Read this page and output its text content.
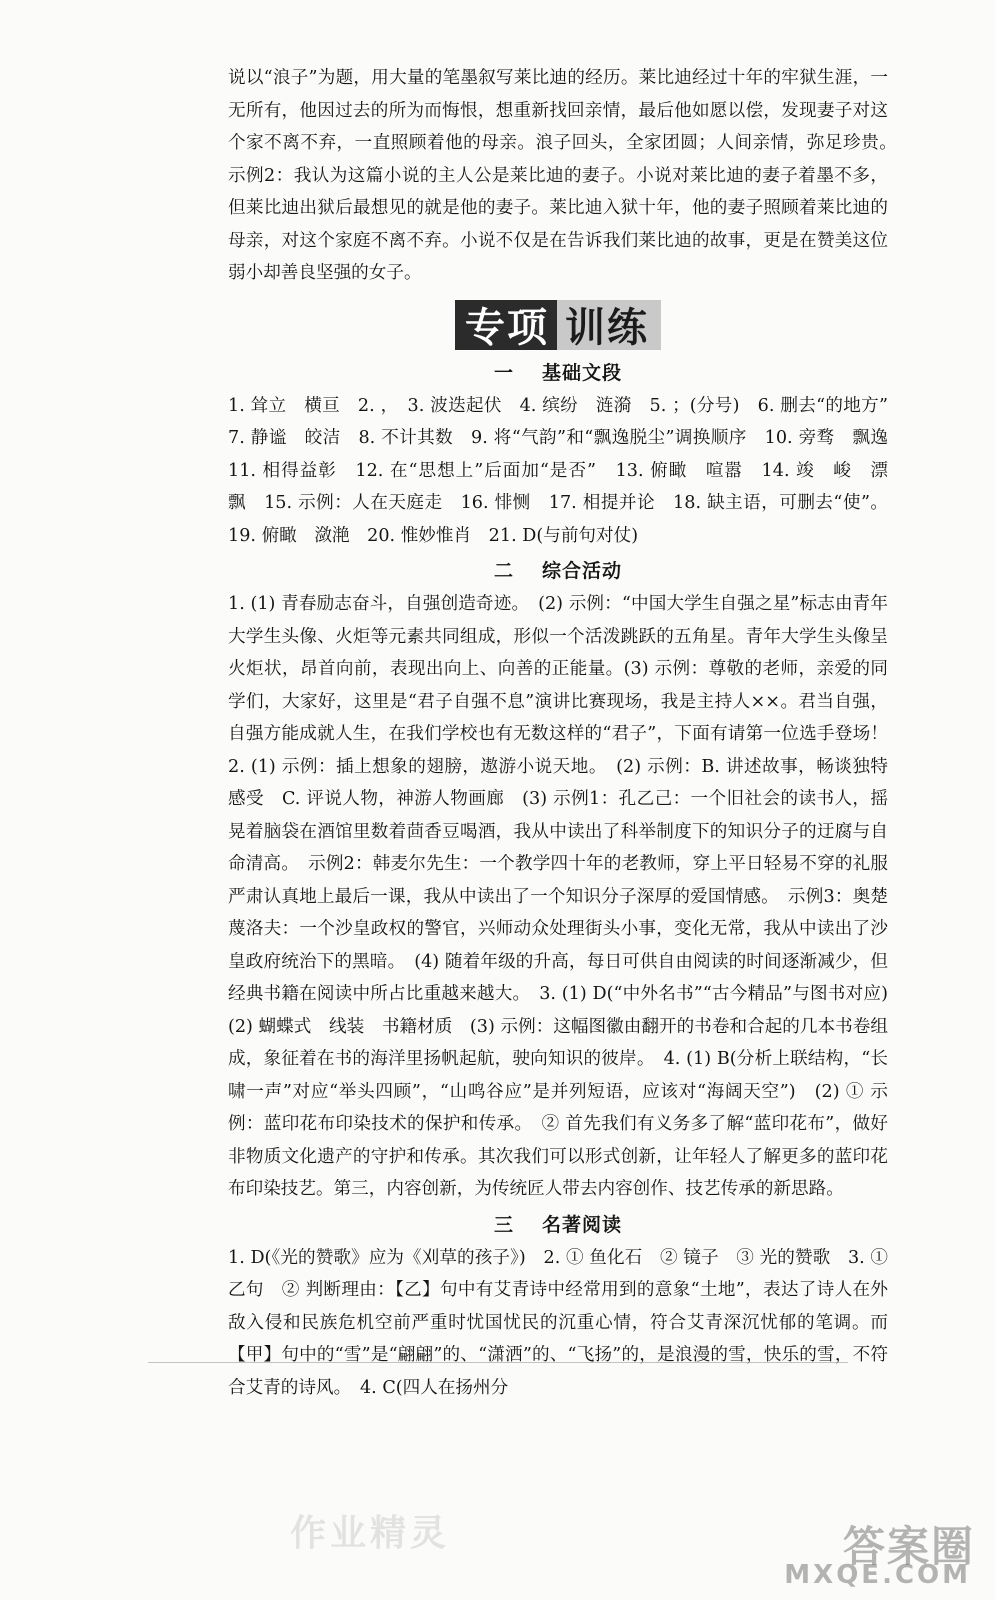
说以“浪子”为题，用大量的笔墨叙写莱比迪的经历。莱比迪经过十年的牢狱生涯，一无所有，他因过去的所为而悔恨，想重新找回亲情，最后他如愿以偿，发现妻子对这个家不离不弃，一直照顾着他的母亲。浪子回头，全家团圆；人间亲情，弥足珍贵。　示例2：我认为这篇小说的主人公是莱比迪的妻子。小说对莱比迪的妻子着墨不多，但莱比迪出狱后最想见的就是他的妻子。莱比迪入狱十年，他的妻子照顾着莱比迪的母亲，对这个家庭不离不弃。小说不仅是在告诉我们莱比迪的故事，更是在赞美这位弱小却善良坚强的女子。

专项 训练
一 基础文段

1. 耸立　横亘　2. ，　3. 波迭起伏　4. 缤纷　涟漪　5. ；(分号)　6. 删去“的地方”　7. 静谧　皎洁　8. 不计其数　9. 将“气韵”和“飘逸脱尘”调换顺序　10. 旁骛　飘逸　11. 相得益彰　12. 在“思想上”后面加“是否”　13. 俯瞰　喧嚣　14. 竣　峻　漂　飘　15. 示例：人在天庭走　16. 悱恻　17. 相提并论　18. 缺主语，可删去“使”。19. 俯瞰　潋滟　20. 惟妙惟肖　21. D(与前句对仗)

二 综合活动

1. (1) 青春励志奋斗，自强创造奇迹。　(2) 示例：“中国大学生自强之星”标志由青年大学生头像、火炬等元素共同组成，形似一个活泼跳跃的五角星。青年大学生头像呈火炬状，昂首向前，表现出向上、向善的正能量。(3) 示例：尊敬的老师，亲爱的同学们，大家好，这里是“君子自强不息”演讲比赛现场，我是主持人××。君当自强，自强方能成就人生，在我们学校也有无数这样的“君子”，下面有请第一位选手登场！　2. (1) 示例：插上想象的翅膀，遨游小说天地。　(2) 示例：B. 讲述故事，畅谈独特感受　C. 评说人物，神游人物画廊　(3) 示例1：孔乙己：一个旧社会的读书人，摇晃着脑袋在酒馆里数着茴香豆喝酒，我从中读出了科举制度下的知识分子的迂腐与自命清高。　示例2：韩麦尔先生：一个教学四十年的老教师，穿上平日轻易不穿的礼服严肃认真地上最后一课，我从中读出了一个知识分子深厚的爱国情感。　示例3：奥楚蔑洛夫：一个沙皇政权的警官，兴师动众处理街头小事，变化无常，我从中读出了沙皇政府统治下的黑暗。　(4) 随着年级的升高，每日可供自由阅读的时间逐渐减少，但经典书籍在阅读中所占比重越来越大。　3. (1) D(“中外名书”“古今精品”与图书对应)　(2) 蝴蝶式　线装　书籍材质　(3) 示例：这幅图徽由翻开的书卷和合起的几本书卷组成，象征着在书的海洋里扬帆起航，驶向知识的彼岸。　4. (1) B(分析上联结构，“长啸一声”对应“举头四顾”，“山鸣谷应”是并列短语，应该对“海阔天空”)　(2) ① 示例：蓝印花布印染技术的保护和传承。　② 首先我们有义务多了解“蓝印花布”，做好非物质文化遗产的守护和传承。其次我们可以形式创新，让年轻人了解更多的蓝印花布印染技艺。第三，内容创新，为传统匠人带去内容创作、技艺传承的新思路。

三 名著阅读

1. D(《光的赞歌》应为《刈草的孩子》)　2. ① 鱼化石　② 镜子　③ 光的赞歌　3. ① 乙句　② 判断理由：【乙】句中有艾青诗中经常用到的意象“土地”，表达了诗人在外敌入侵和民族危机空前严重时忧国忧民的沉重心情，符合艾青深沉忧郁的笔调。而【甲】句中的“雪”是“翩翩”的、“潇洒”的、“飞扬”的，是浪漫的雪，快乐的雪，不符合艾青的诗风。　4. C(四人在扬州分

作业精灵	答案圈
MXQE.COM
